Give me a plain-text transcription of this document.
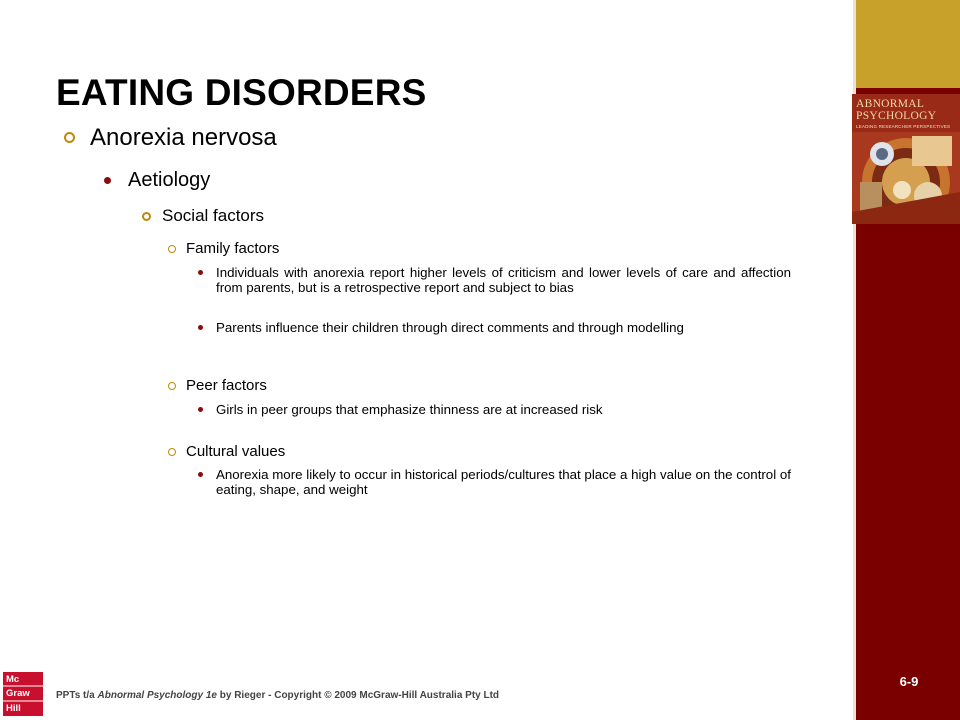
ABNORMAL
PSYCHOLOGY
LEADING RESEARCHER PERSPECTIVES
EATING DISORDERS
Anorexia nervosa
Aetiology
Social factors
Family factors
Individuals with anorexia report higher levels of criticism and lower levels of care and affection from parents, but is a retrospective report and subject to bias
Parents influence their children through direct comments and through modelling
Peer factors
Girls in peer groups that emphasize thinness are at increased risk
Cultural values
Anorexia more likely to occur in historical periods/cultures that place a high value on the control of eating, shape, and weight
6-9
Mc
Graw
Hill
PPTs t/a Abnormal Psychology 1e by Rieger - Copyright © 2009 McGraw-Hill Australia Pty Ltd
